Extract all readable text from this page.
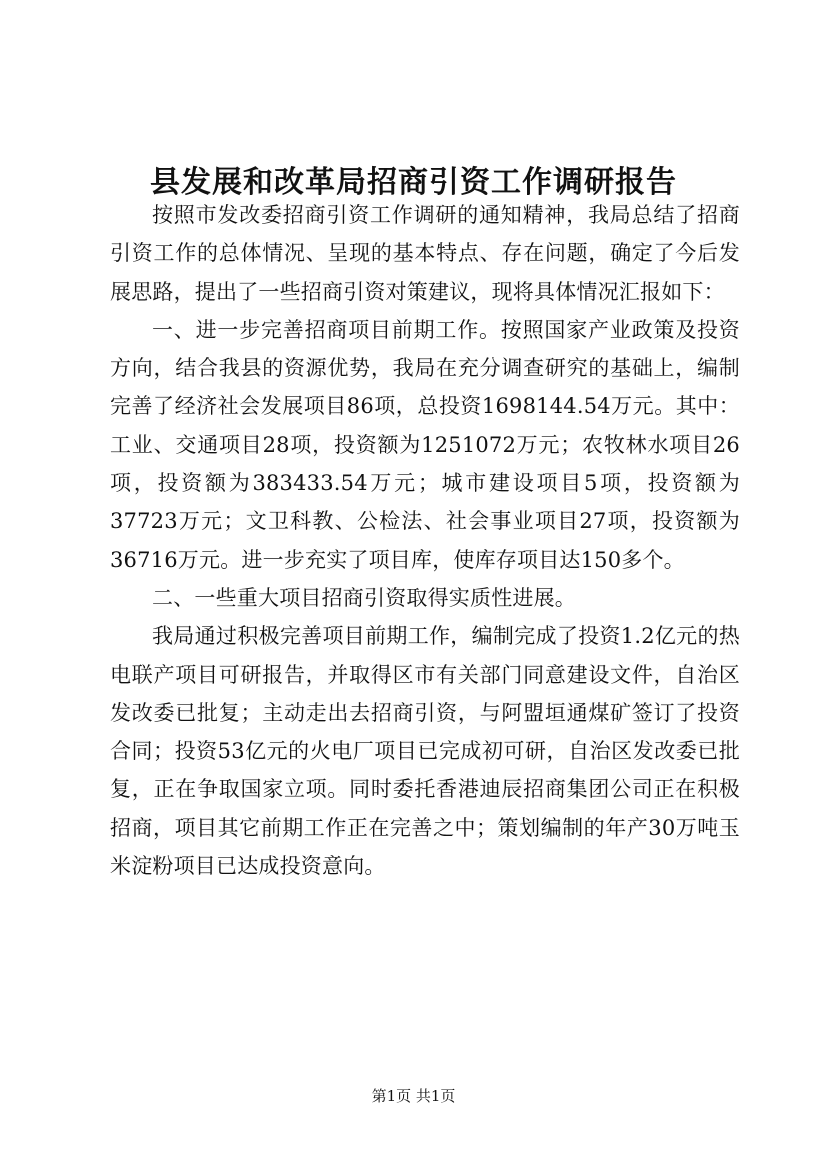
县发展和改革局招商引资工作调研报告

按照市发改委招商引资工作调研的通知精神，我局总结了招商引资工作的总体情况、呈现的基本特点、存在问题，确定了今后发展思路，提出了一些招商引资对策建议，现将具体情况汇报如下：

一、进一步完善招商项目前期工作。按照国家产业政策及投资方向，结合我县的资源优势，我局在充分调查研究的基础上，编制完善了经济社会发展项目86项，总投资1698144.54万元。其中：工业、交通项目28项，投资额为1251072万元；农牧林水项目26项，投资额为383433.54万元；城市建设项目5项，投资额为37723万元；文卫科教、公检法、社会事业项目27项，投资额为36716万元。进一步充实了项目库，使库存项目达150多个。

二、一些重大项目招商引资取得实质性进展。

我局通过积极完善项目前期工作，编制完成了投资1.2亿元的热电联产项目可研报告，并取得区市有关部门同意建设文件，自治区发改委已批复；主动走出去招商引资，与阿盟垣通煤矿签订了投资合同；投资53亿元的火电厂项目已完成初可研，自治区发改委已批复，正在争取国家立项。同时委托香港迪辰招商集团公司正在积极招商，项目其它前期工作正在完善之中；策划编制的年产30万吨玉米淀粉项目已达成投资意向。

第1页 共1页
